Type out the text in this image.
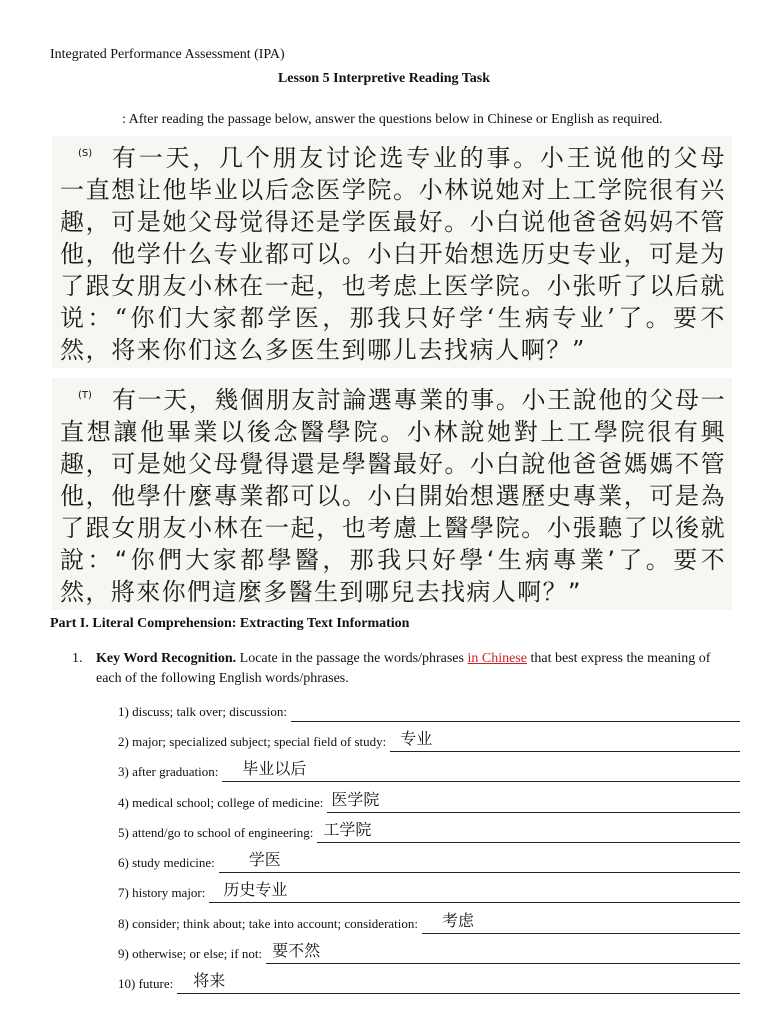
Integrated Performance Assessment (IPA)
Lesson 5 Interpretive Reading Task
: After reading the passage below, answer the questions below in Chinese or English as required.
(S) 有一天，几个朋友讨论选专业的事。小王说他的父母一直想让他毕业以后念医学院。小林说她对上工学院很有兴趣，可是她父母觉得还是学医最好。小白说他爸爸妈妈不管他，他学什么专业都可以。小白开始想选历史专业，可是为了跟女朋友小林在一起，也考虑上医学院。小张听了以后就说：“你们大家都学医，那我只好学‘生病专业’了。要不然，将来你们这么多医生到哪儿去找病人啊？”
(T) 有一天，幾個朋友討論選專業的事。小王說他的父母一直想讓他畢業以後念醫學院。小林說她對上工學院很有興趣，可是她父母覺得還是學醫最好。小白說他爸爸媽媽不管他，他學什麼專業都可以。小白開始想選歷史專業，可是為了跟女朋友小林在一起，也考慮上醫學院。小張聽了以後就說：“你們大家都學醫，那我只好學‘生病專業’了。要不然，將來你們這麼多醫生到哪兒去找病人啊？”
Part I. Literal Comprehension: Extracting Text Information
1. Key Word Recognition. Locate in the passage the words/phrases in Chinese that best express the meaning of each of the following English words/phrases.
1) discuss; talk over; discussion:
2) major; specialized subject; special field of study: 专业
3) after graduation: 毕业以后
4) medical school; college of medicine: 医学院
5) attend/go to school of engineering: 工学院
6) study medicine: 学医
7) history major: 历史专业
8) consider; think about; take into account; consideration: 考虑
9) otherwise; or else; if not: 要不然
10) future: 将来
